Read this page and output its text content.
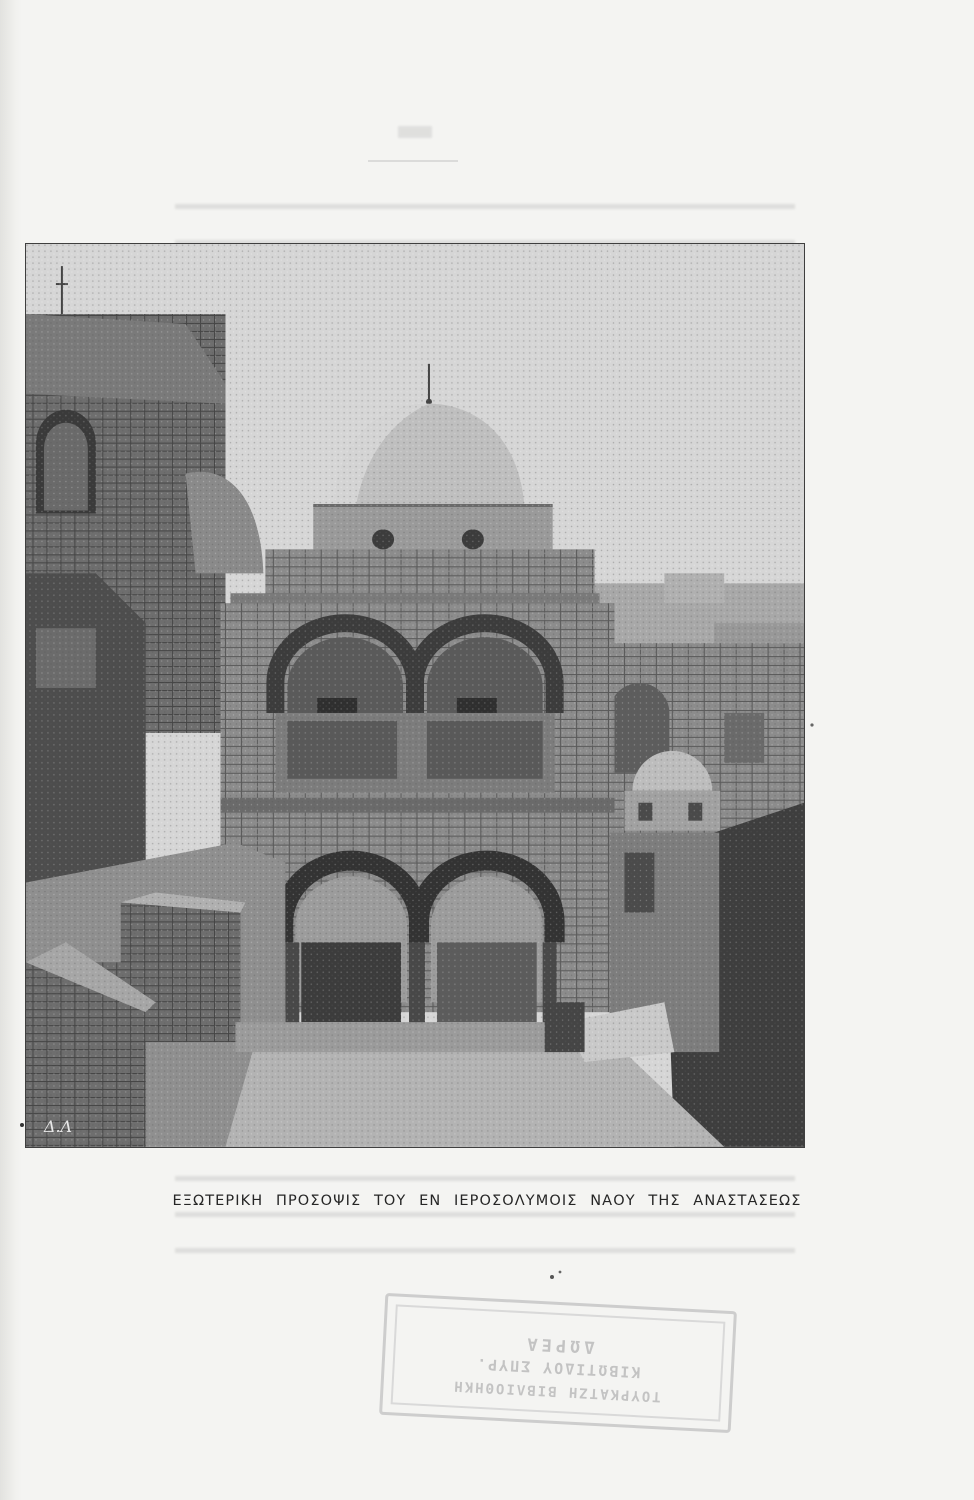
Δ.Λ
ΕΞΩΤΕΡΙΚΗ ΠΡΟΣΟΨΙΣ ΤΟΥ ΕΝ ΙΕΡΟΣΟΛΥΜΟΙΣ ΝΑΟΥ ΤΗΣ ΑΝΑΣΤΑΣΕΩΣ
ΔΩΡΕΑ
ΚΙΒΩΤΙΔΟΥ ΣΠΥΡ.
ΤΟΥΡΚΑΤΖΗ ΒΙΒΛΙΟΘΗΚΗ
